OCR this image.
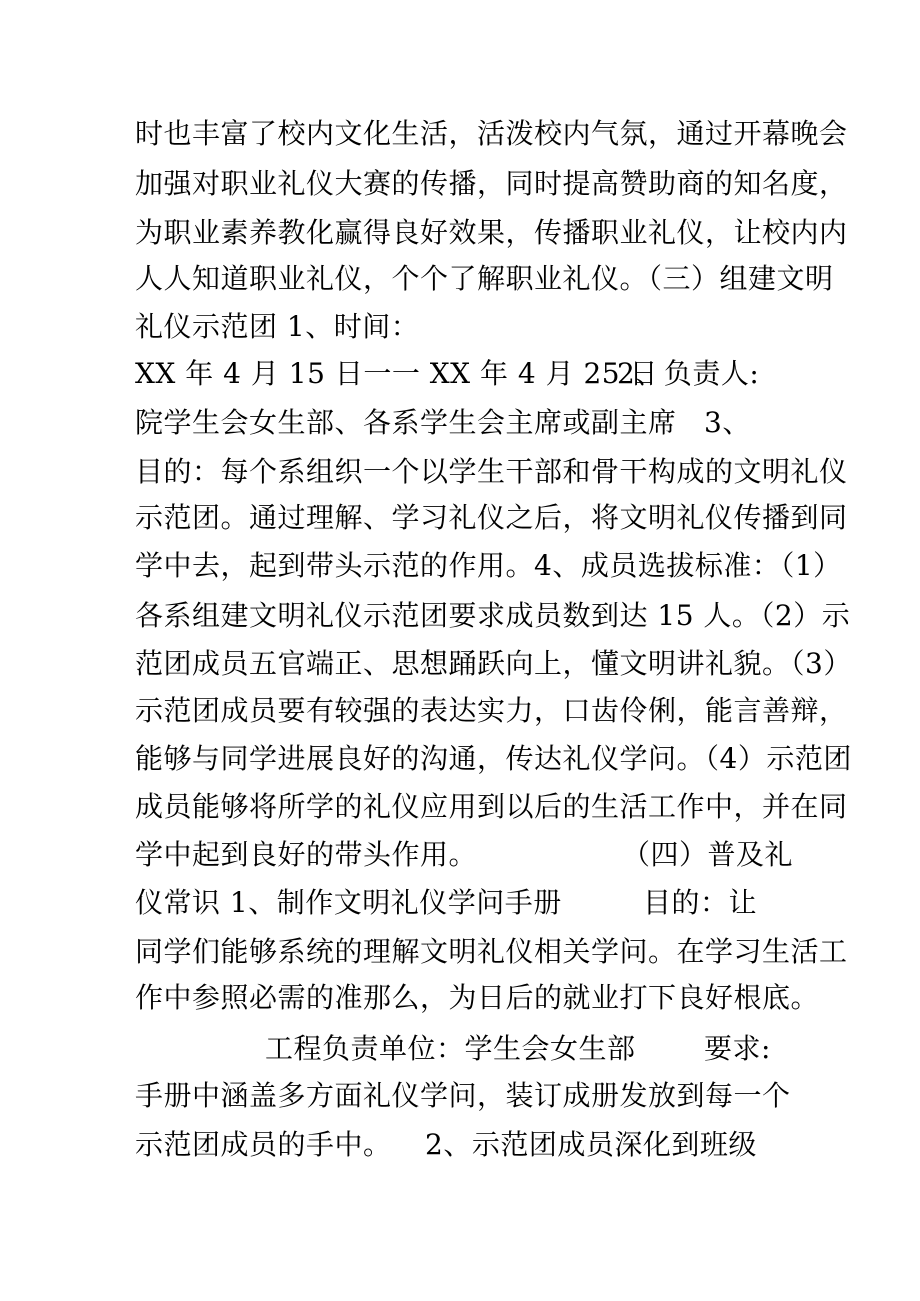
时也丰富了校内文化生活，活泼校内气氛，通过开幕晚会
加强对职业礼仪大赛的传播，同时提高赞助商的知名度，
为职业素养教化赢得良好效果，传播职业礼仪，让校内内
人人知道职业礼仪，个个了解职业礼仪。（三）组建文明
礼仪示范团 1、时间：
XX 年 4 月 15 日一一 XX 年 4 月 25 日
2、负责人:
院学生会女生部、各系学生会主席或副主席 3、
目的：每个系组织一个以学生干部和骨干构成的文明礼仪
示范团。通过理解、学习礼仪之后，将文明礼仪传播到同
学中去，起到带头示范的作用。4、成员选拔标准：（1）
各系组建文明礼仪示范团要求成员数到达 15 人。（2）示
范团成员五官端正、思想踊跃向上，懂文明讲礼貌。（3）
示范团成员要有较强的表达实力，口齿伶俐，能言善辩，
能够与同学进展良好的沟通，传达礼仪学问。（4）示范团
成员能够将所学的礼仪应用到以后的生活工作中，并在同
学中起到良好的带头作用。	（四）普及礼
仪常识 1、制作文明礼仪学问手册	目的：让
同学们能够系统的理解文明礼仪相关学问。在学习生活工
作中参照必需的准那么，为日后的就业打下良好根底。
工程负责单位：学生会女生部	要求:
手册中涵盖多方面礼仪学问，装订成册发放到每一个
示范团成员的手中。	2、示范团成员深化到班级
